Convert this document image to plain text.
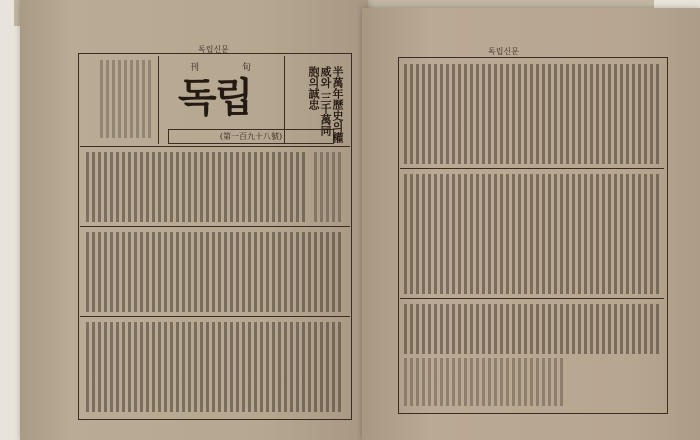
독립신문	독립신문
刊	旬
독립
(第一百九十八號)	半萬年歷史의權威와 三千萬同胞의誠忠
